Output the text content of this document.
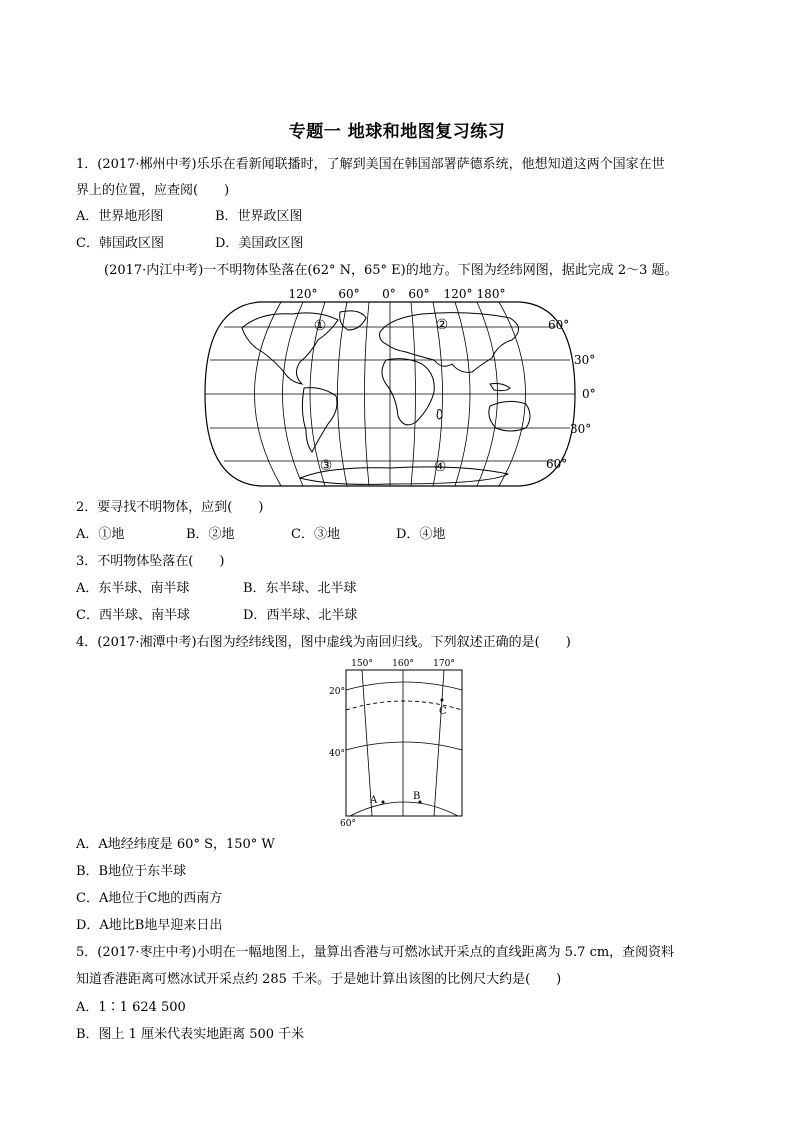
专题一 地球和地图复习练习
1．(2017·郴州中考)乐乐在看新闻联播时，了解到美国在韩国部署萨德系统，他想知道这两个国家在世
界上的位置，应查阅(　　)
A．世界地形图	B．世界政区图
C．韩国政区图	D．美国政区图
(2017·内江中考)一不明物体坠落在(62° N，65° E)的地方。下图为经纬网图，据此完成 2～3 题。
120° 60° 0° 60° 120° 180°
①	②
③	④
60°
30°
0°
30°
60°
2．要寻找不明物体，应到(　　)
A．①地	B．②地	C．③地	D．④地
3．不明物体坠落在(　　)
A．东半球、南半球	B．东半球、北半球
C．西半球、南半球	D．西半球、北半球
4．(2017·湘潭中考)右图为经纬线图，图中虚线为南回归线。下列叙述正确的是(　　)
150° 160° 170°
20°
40°
60°
A	B
C
A．A地经纬度是 60° S，150° W
B．B地位于东半球
C．A地位于C地的西南方
D．A地比B地早迎来日出
5．(2017·枣庄中考)小明在一幅地图上，量算出香港与可燃冰试开采点的直线距离为 5.7 cm，查阅资料
知道香港距离可燃冰试开采点约 285 千米。于是她计算出该图的比例尺大约是(　　)
A．1∶1 624 500
B．图上 1 厘米代表实地距离 500 千米
